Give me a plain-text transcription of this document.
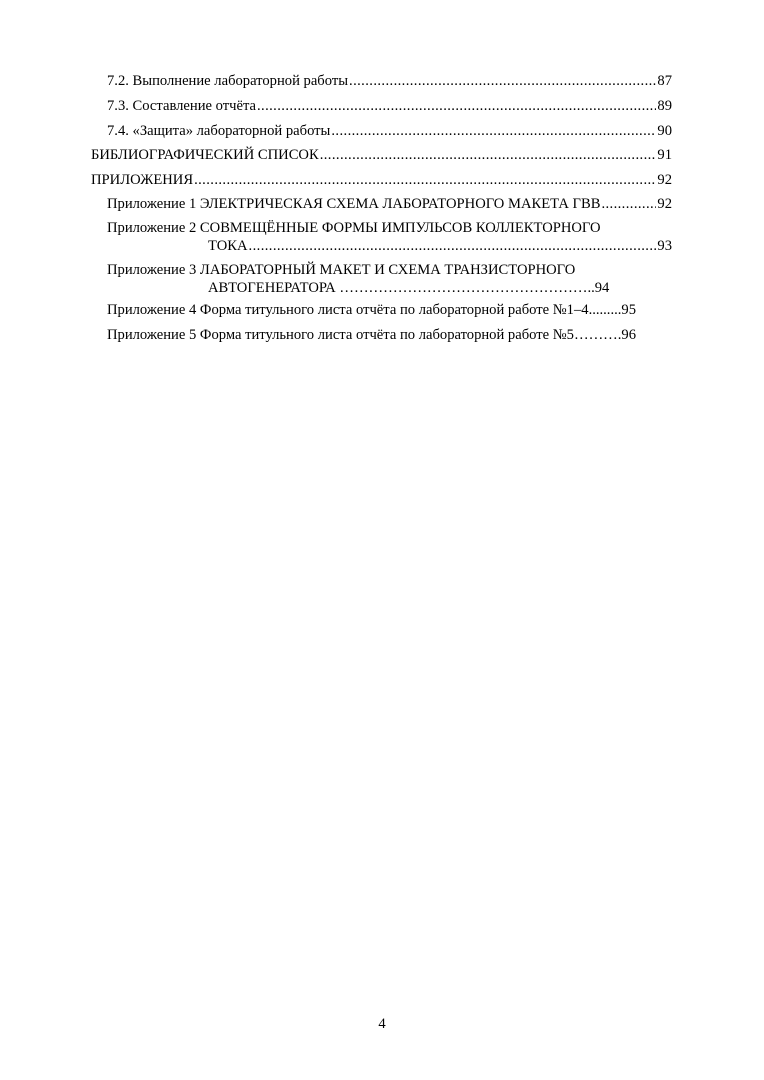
7.2. Выполнение лабораторной работы .....	87
7.3. Составление отчёта .....	89
7.4. «Защита» лабораторной работы .....	90
БИБЛИОГРАФИЧЕСКИЙ СПИСОК .....	91
ПРИЛОЖЕНИЯ .....	92
Приложение 1 ЭЛЕКТРИЧЕСКАЯ СХЕМА ЛАБОРАТОРНОГО МАКЕТА ГВВ .....	92
Приложение 2 СОВМЕЩЁННЫЕ ФОРМЫ ИМПУЛЬСОВ КОЛЛЕКТОРНОГО
ТОКА .....	93
Приложение 3 ЛАБОРАТОРНЫЙ МАКЕТ И СХЕМА ТРАНЗИСТОРНОГО
АВТОГЕНЕРАТОРА ……………………………………………..94
Приложение 4 Форма титульного листа отчёта по лабораторной работе №1–4.........95
Приложение 5 Форма титульного листа отчёта по лабораторной работе №5……….96
4
